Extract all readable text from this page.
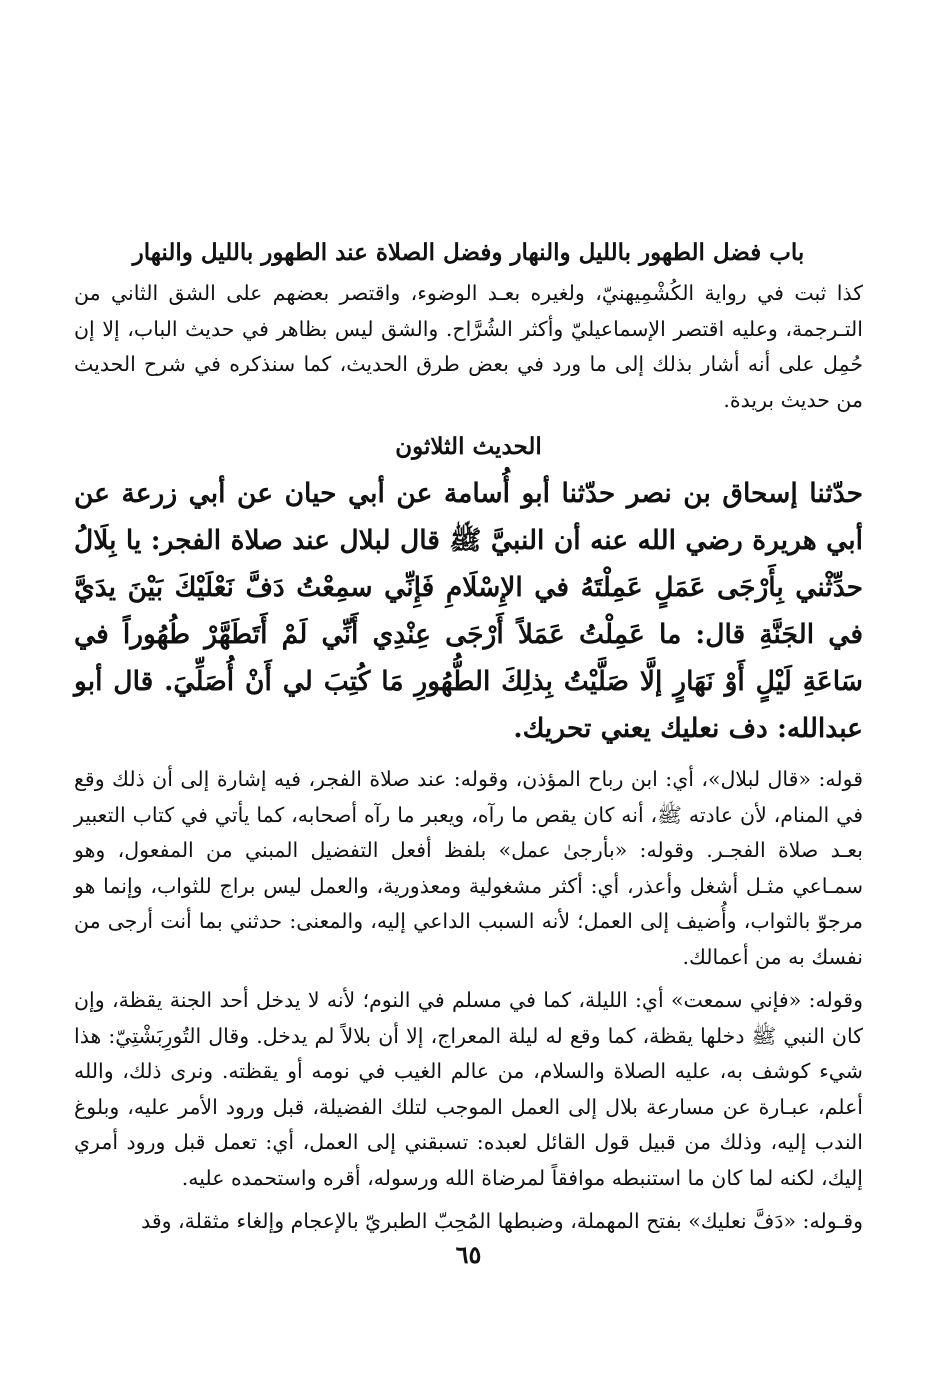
باب فضل الطهور بالليل والنهار وفضل الصلاة عند الطهور بالليل والنهار

كذا ثبت في رواية الكُشْمِيهنيّ، ولغيره بعـد الوضوء، واقتصر بعضهم على الشق الثاني من التـرجمة، وعليه اقتصر الإسماعيليّ وأكثر الشُرَّاح. والشق ليس بظاهر في حديث الباب، إلا إن حُمِل على أنه أشار بذلك إلى ما ورد في بعض طرق الحديث، كما سنذكره في شرح الحديث من حديث بريدة.

الحديث الثلاثون

حدّثنا إسحاق بن نصر حدّثنا أبو أُسامة عن أبي حيان عن أبي زرعة عن أبي هريرة رضي الله عنه أن النبيَّ ﷺ قال لبلال عند صلاة الفجر: يا بِلَالُ حدِّثْني بِأَرْجَى عَمَلٍ عَمِلْتَهُ في الإِسْلَامِ فَإِنِّي سمِعْتُ دَفَّ نَعْلَيْكَ بَيْنَ يدَيَّ في الجَنَّةِ قال: ما عَمِلْتُ عَمَلاً أَرْجَى عِنْدِي أَنِّي لَمْ أَتَطَهَّرْ طُهُوراً في سَاعَةِ لَيْلٍ أَوْ نَهَارٍ إلَّا صَلَّيْتُ بِذلِكَ الطُّهُورِ مَا كُتِبَ لي أَنْ أُصَلِّيَ. قال أبو عبدالله: دف نعليك يعني تحريك.

قوله: «قال لبلال»، أي: ابن رباح المؤذن، وقوله: عند صلاة الفجر، فيه إشارة إلى أن ذلك وقع في المنام، لأن عادته ﷺ، أنه كان يقص ما رآه، ويعبر ما رآه أصحابه، كما يأتي في كتاب التعبير بعـد صلاة الفجـر. وقوله: «بأرجىٰ عمل» بلفظ أفعل التفضيل المبني من المفعول، وهو سمـاعي مثـل أشغل وأعذر، أي: أكثر مشغولية ومعذورية، والعمل ليس براج للثواب، وإنما هو مرجوّ بالثواب، وأُضيف إلى العمل؛ لأنه السبب الداعي إليه، والمعنى: حدثني بما أنت أرجى من نفسك به من أعمالك.

وقوله: «فإني سمعت» أي: الليلة، كما في مسلم في النوم؛ لأنه لا يدخل أحد الجنة يقظة، وإن كان النبي ﷺ دخلها يقظة، كما وقع له ليلة المعراج، إلا أن بلالاً لم يدخل. وقال التُورِبَشْتِيّ: هذا شيء كوشف به، عليه الصلاة والسلام، من عالم الغيب في نومه أو يقظته. ونرى ذلك، والله أعلم، عبـارة عن مسارعة بلال إلى العمل الموجب لتلك الفضيلة، قبل ورود الأمر عليه، وبلوغ الندب إليه، وذلك من قبيل قول القائل لعبده: تسبقني إلى العمل، أي: تعمل قبل ورود أمري إليك، لكنه لما كان ما استنبطه موافقاً لمرضاة الله ورسوله، أقره واستحمده عليه.

وقـوله: «دَفَّ نعليك» بفتح المهملة، وضبطها المُحِبّ الطبريّ بالإعجام وإلغاء مثقلة، وقد

٦٥
